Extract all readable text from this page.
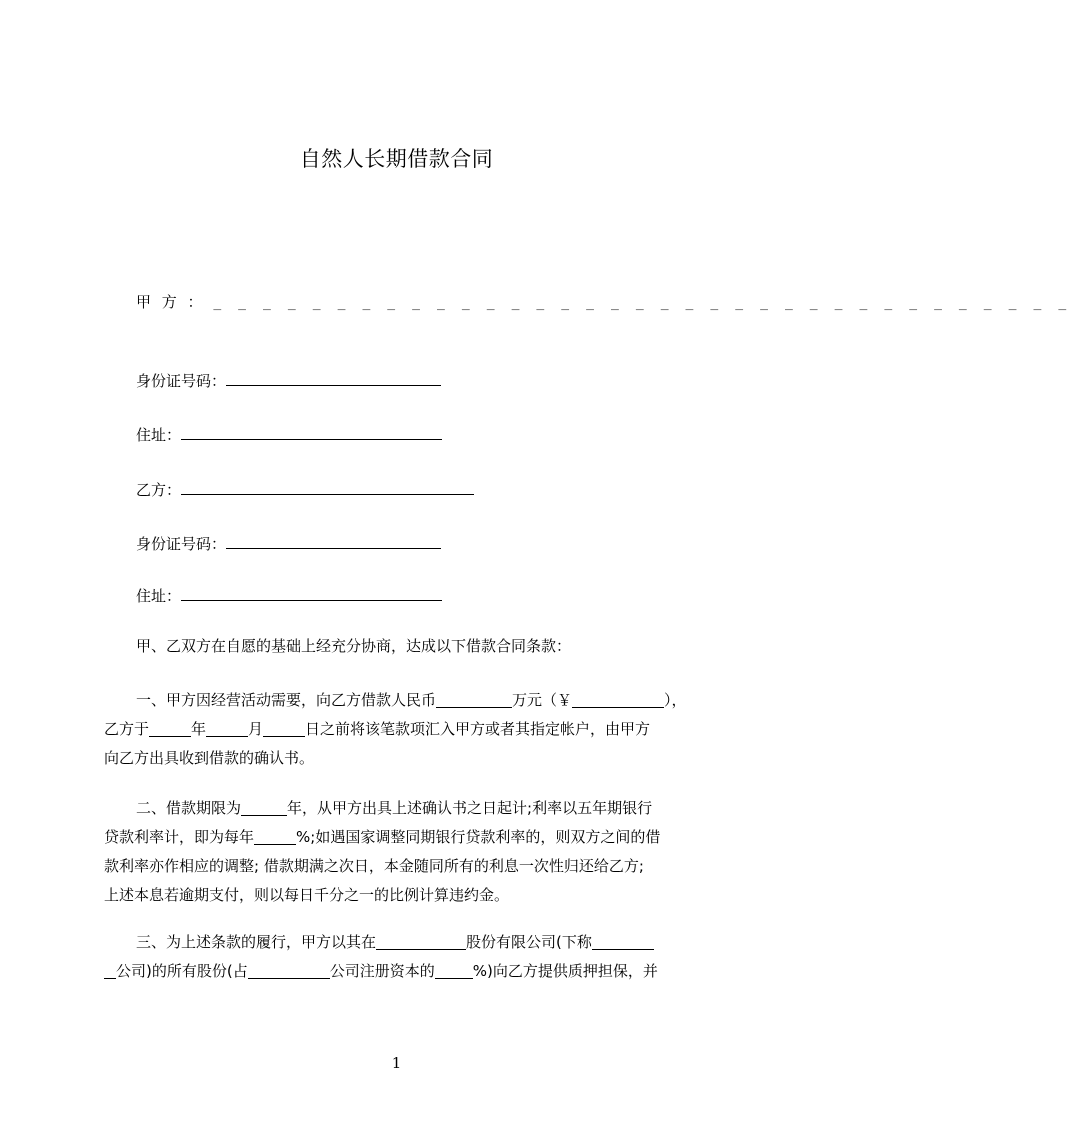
自然人长期借款合同
甲 方 ： _ _ _ _ _ _ _ _ _ _ _ _ _ _ _ _ _ _ _ _ _ _ _ _ _ _ _ _ _ _ _ _ _ _ _
身份证号码：
住址：
乙方：
身份证号码：
住址：
甲、乙双方在自愿的基础上经充分协商，达成以下借款合同条款：
一、甲方因经营活动需要，向乙方借款人民币	万元（￥	），
乙方于	年	月	日之前将该笔款项汇入甲方或者其指定帐户，由甲方
向乙方出具收到借款的确认书。
二、借款期限为	年，从甲方出具上述确认书之日起计;利率以五年期银行
贷款利率计，即为每年	%;如遇国家调整同期银行贷款利率的，则双方之间的借
款利率亦作相应的调整; 借款期满之次日，本金随同所有的利息一次性归还给乙方;
上述本息若逾期支付，则以每日千分之一的比例计算违约金。
三、为上述条款的履行，甲方以其在	股份有限公司(下称
公司)的所有股份(占	公司注册资本的	%)向乙方提供质押担保，并
1
